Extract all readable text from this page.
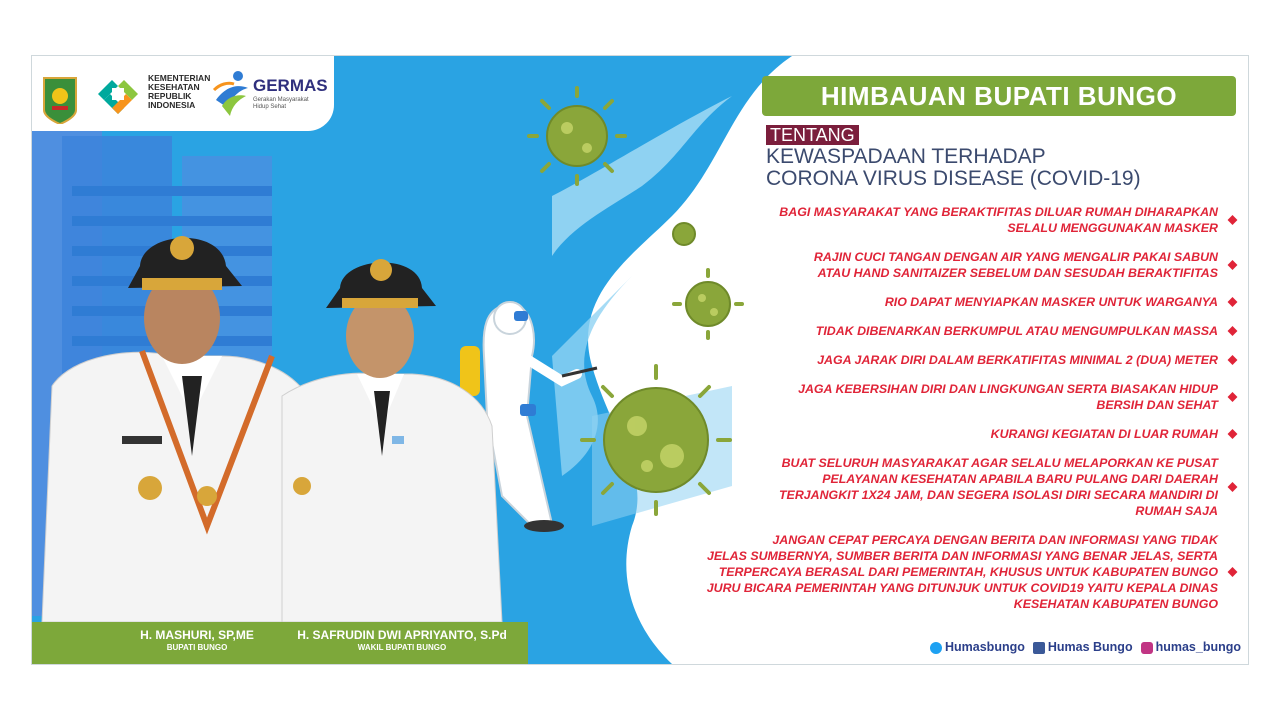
KEMENTERIAN
KESEHATAN
REPUBLIK
INDONESIA
GERMAS
Gerakan Masyarakat Hidup Sehat	HIMBAUAN BUPATI BUNGO
TENTANG
KEWASPADAAN TERHADAP
CORONA VIRUS DISEASE (COVID-19)
BAGI MASYARAKAT YANG BERAKTIFITAS DILUAR RUMAH DIHARAPKAN
SELALU MENGGUNAKAN MASKER
RAJIN CUCI TANGAN DENGAN AIR YANG MENGALIR PAKAI SABUN
ATAU HAND SANITAIZER SEBELUM DAN SESUDAH BERAKTIFITAS
RIO DAPAT MENYIAPKAN MASKER UNTUK WARGANYA
TIDAK DIBENARKAN BERKUMPUL ATAU MENGUMPULKAN MASSA
JAGA JARAK DIRI DALAM BERKATIFITAS MINIMAL 2 (DUA) METER
JAGA KEBERSIHAN DIRI DAN LINGKUNGAN SERTA BIASAKAN HIDUP
BERSIH DAN SEHAT
KURANGI KEGIATAN DI LUAR RUMAH
BUAT SELURUH MASYARAKAT AGAR SELALU MELAPORKAN KE PUSAT
PELAYANAN KESEHATAN APABILA BARU PULANG DARI DAERAH
TERJANGKIT 1X24 JAM, DAN SEGERA ISOLASI DIRI SECARA MANDIRI DI
RUMAH SAJA
JANGAN CEPAT PERCAYA DENGAN BERITA DAN INFORMASI YANG TIDAK
JELAS SUMBERNYA, SUMBER BERITA DAN INFORMASI YANG BENAR JELAS, SERTA
TERPERCAYA BERASAL DARI PEMERINTAH, KHUSUS UNTUK KABUPATEN BUNGO
JURU BICARA PEMERINTAH YANG DITUNJUK UNTUK COVID19 YAITU KEPALA DINAS
KESEHATAN KABUPATEN BUNGO
H. MASHURI, SP,ME
BUPATI BUNGO
H. SAFRUDIN DWI APRIYANTO, S.Pd
WAKIL BUPATI BUNGO	Humasbungo	Humas Bungo	humas_bungo
